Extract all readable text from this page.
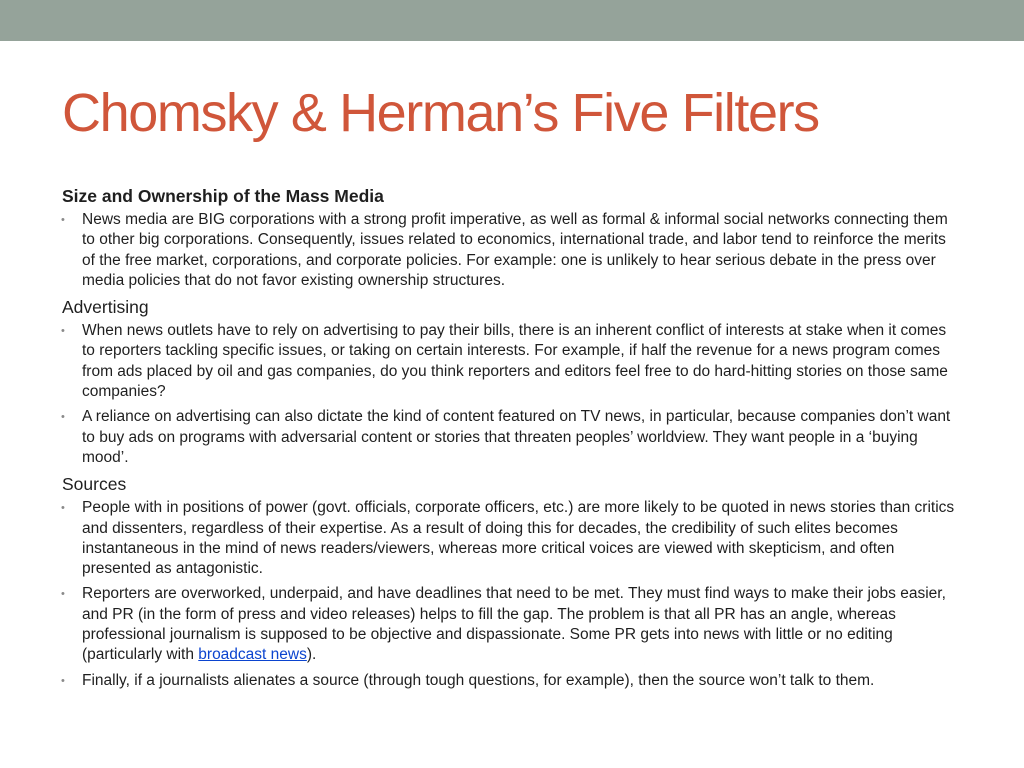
Chomsky & Herman’s Five Filters
Size and Ownership of the Mass Media
• News media are BIG corporations with a strong profit imperative, as well as formal & informal social networks connecting them to other big corporations. Consequently, issues related to economics, international trade, and labor tend to reinforce the merits of the free market, corporations, and corporate policies. For example: one is unlikely to hear serious debate in the press over media policies that do not favor existing ownership structures.
Advertising
• When news outlets have to rely on advertising to pay their bills, there is an inherent conflict of interests at stake when it comes to reporters tackling specific issues, or taking on certain interests. For example, if half the revenue for a news program comes from ads placed by oil and gas companies, do you think reporters and editors feel free to do hard-hitting stories on those same companies?
• A reliance on advertising can also dictate the kind of content featured on TV news, in particular, because companies don’t want to buy ads on programs with adversarial content or stories that threaten peoples’ worldview. They want people in a ‘buying mood’.
Sources
• People with in positions of power (govt. officials, corporate officers, etc.) are more likely to be quoted in news stories than critics and dissenters, regardless of their expertise. As a result of doing this for decades, the credibility of such elites becomes instantaneous in the mind of news readers/viewers, whereas more critical voices are viewed with skepticism, and often presented as antagonistic.
• Reporters are overworked, underpaid, and have deadlines that need to be met. They must find ways to make their jobs easier, and PR (in the form of press and video releases) helps to fill the gap. The problem is that all PR has an angle, whereas professional journalism is supposed to be objective and dispassionate. Some PR gets into news with little or no editing (particularly with broadcast news).
• Finally, if a journalists alienates a source (through tough questions, for example), then the source won’t talk to them.
